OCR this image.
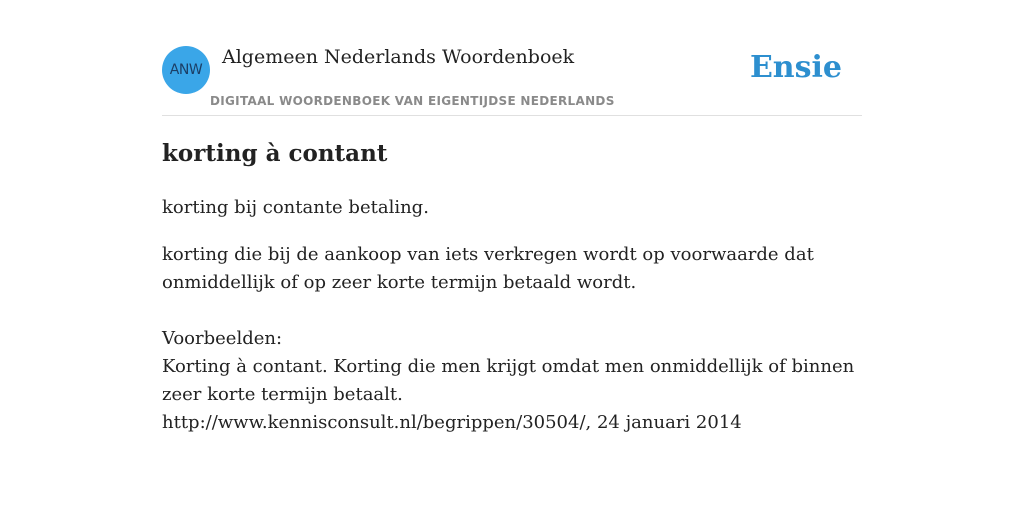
ANW
Algemeen Nederlands Woordenboek
DIGITAAL WOORDENBOEK VAN EIGENTIJDSE NEDERLANDS
Ensie
korting à contant

korting bij contante betaling.

korting die bij de aankoop van iets verkregen wordt op voorwaarde dat onmiddellijk of op zeer korte termijn betaald wordt.

Voorbeelden:
Korting à contant. Korting die men krijgt omdat men onmiddellijk of binnen zeer korte termijn betaalt.
http://www.kennisconsult.nl/begrippen/30504/, 24 januari 2014
